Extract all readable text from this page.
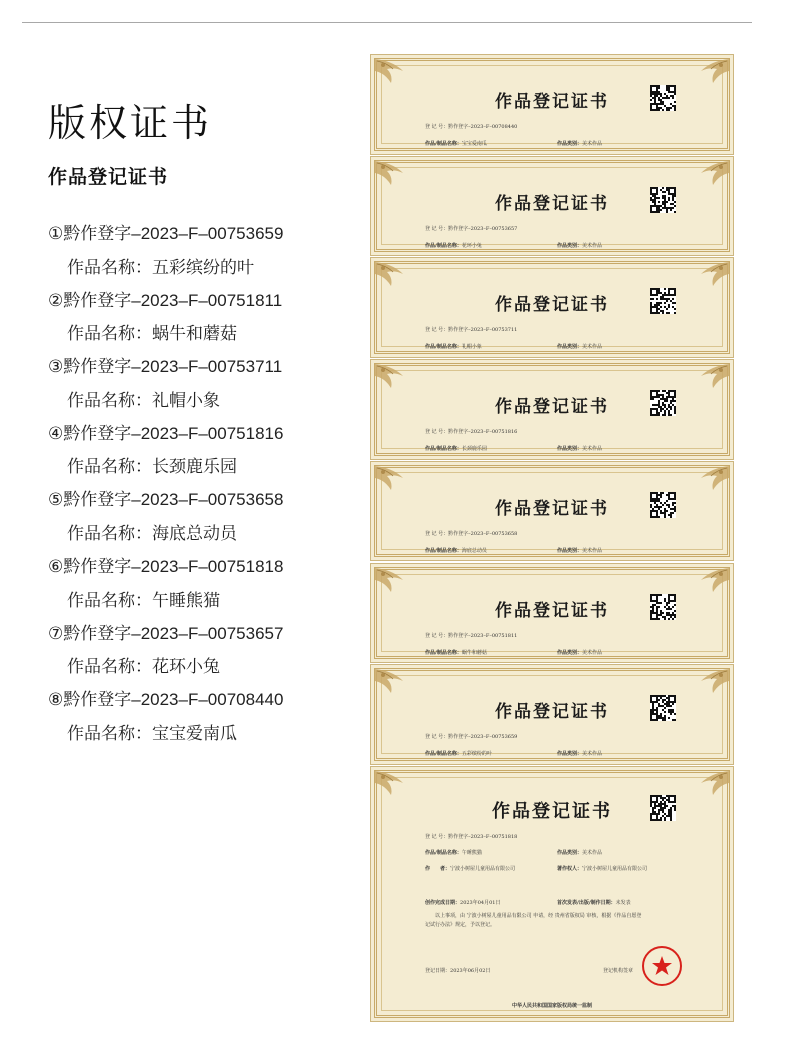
版权证书
作品登记证书
①黔作登字–2023–F–00753659
作品名称：五彩缤纷的叶
②黔作登字–2023–F–00751811
作品名称：蜗牛和蘑菇
③黔作登字–2023–F–00753711
作品名称：礼帽小象
④黔作登字–2023–F–00751816
作品名称：长颈鹿乐园
⑤黔作登字–2023–F–00753658
作品名称：海底总动员
⑥黔作登字–2023–F–00751818
作品名称：午睡熊猫
⑦黔作登字–2023–F–00753657
作品名称：花环小兔
⑧黔作登字–2023–F–00708440
作品名称：宝宝爱南瓜
作品登记证书
登 记 号：黔作登字–2023–F–00708440
作品/制品名称：宝宝爱南瓜	作品类别：美术作品
作品登记证书
登 记 号：黔作登字–2023–F–00753657
作品/制品名称：花环小兔	作品类别：美术作品
作品登记证书
登 记 号：黔作登字–2023–F–00753711
作品/制品名称：礼帽小象	作品类别：美术作品
作品登记证书
登 记 号：黔作登字–2023–F–00751816
作品/制品名称：长颈鹿乐园	作品类别：美术作品
作品登记证书
登 记 号：黔作登字–2023–F–00753658
作品/制品名称：海底总动员	作品类别：美术作品
作品登记证书
登 记 号：黔作登字–2023–F–00751811
作品/制品名称：蜗牛和蘑菇	作品类别：美术作品
作品登记证书
登 记 号：黔作登字–2023–F–00753659
作品/制品名称：五彩缤纷的叶	作品类别：美术作品
作品登记证书
登 记 号：黔作登字–2023–F–00751818
作品/制品名称：午睡熊猫	作品类别：美术作品
作　　者：宁波小树屋儿童用品有限公司	著作权人：宁波小树屋儿童用品有限公司
创作完成日期：2023年04月01日	首次发表/出版/制作日期：未发表
以上事项，由 宁波小树屋儿童用品有限公司 申请，经 贵州省版权局 审核，根据《作品自愿登
记试行办法》规定，予以登记。
登记日期：2023年06月02日	登记机构签章
中华人民共和国国家版权局统一监制
